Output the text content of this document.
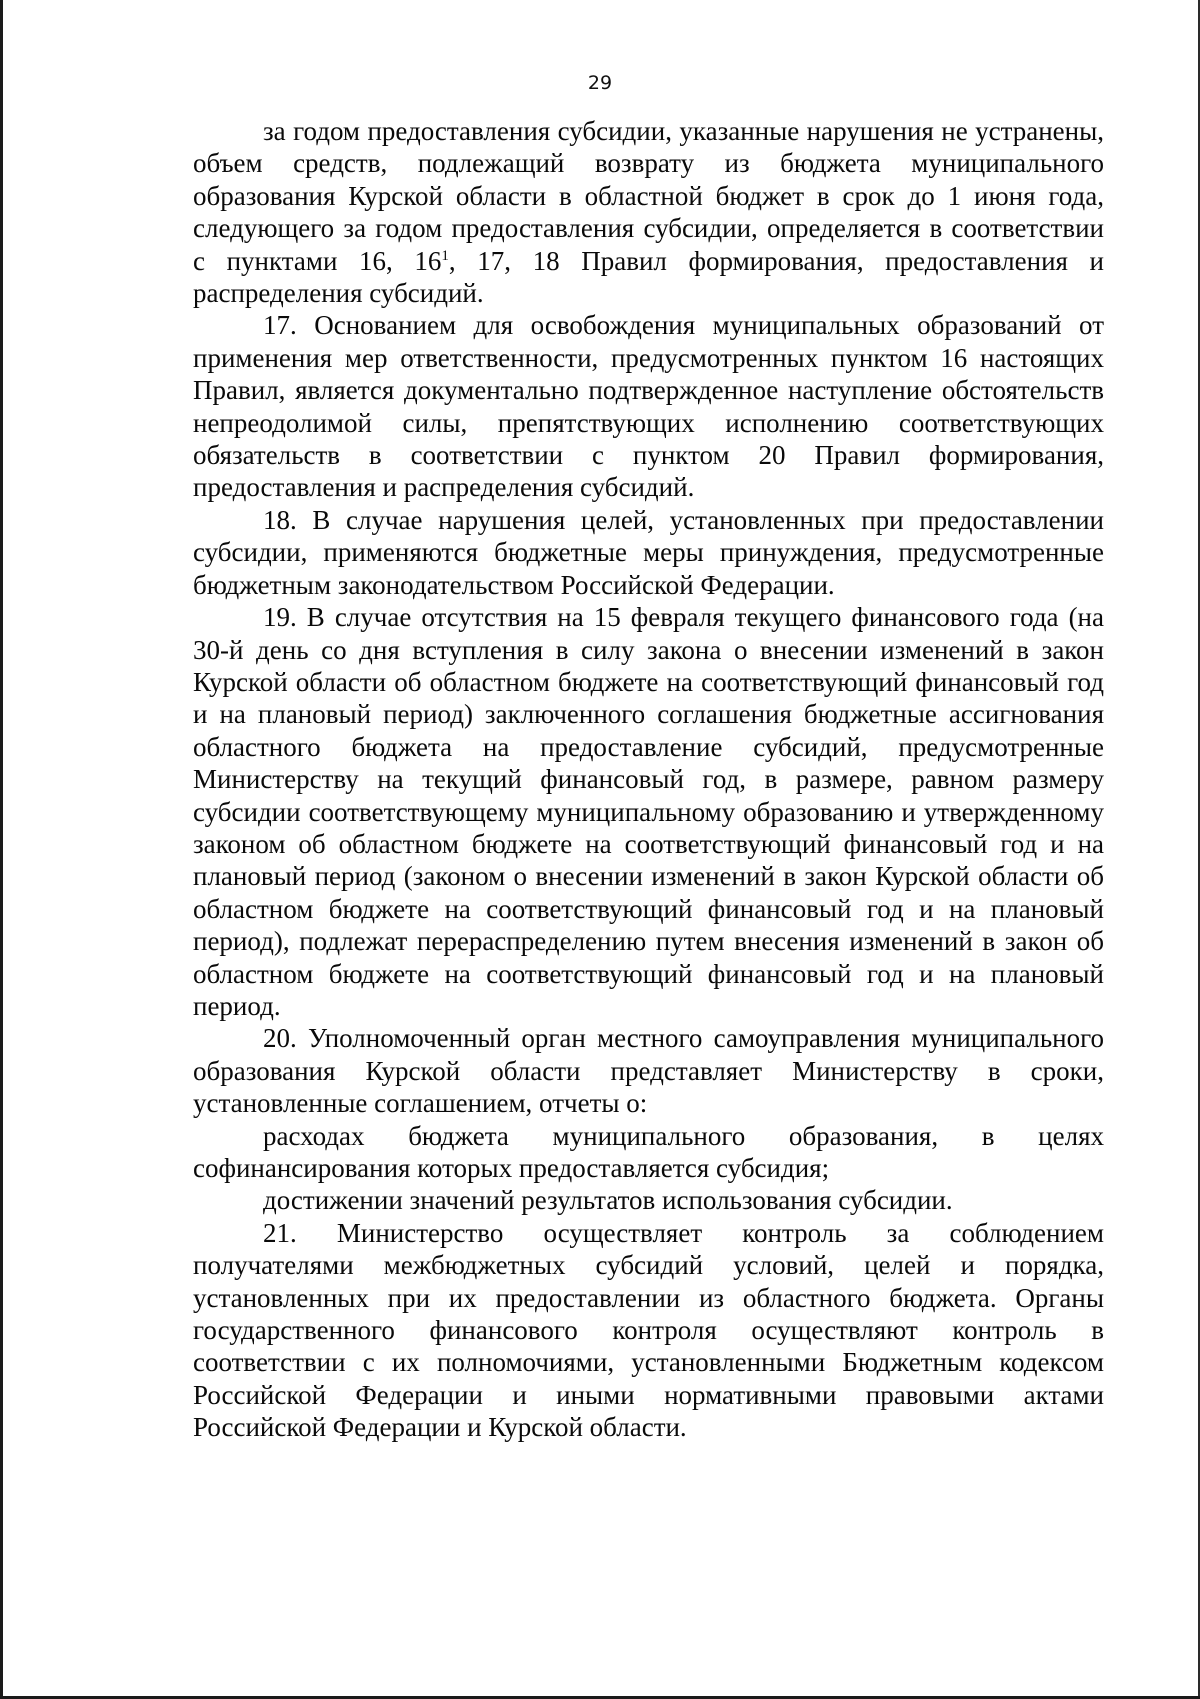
29

за годом предоставления субсидии, указанные нарушения не устранены, объем средств, подлежащий возврату из бюджета муниципального образования Курской области в областной бюджет в срок до 1 июня года, следующего за годом предоставления субсидии, определяется в соответствии с пунктами 16, $16^1$, 17, 18 Правил формирования, предоставления и распределения субсидий.

17. Основанием для освобождения муниципальных образований от применения мер ответственности, предусмотренных пунктом 16 настоящих Правил, является документально подтвержденное наступление обстоятельств непреодолимой силы, препятствующих исполнению соответствующих обязательств в соответствии с пунктом 20 Правил формирования, предоставления и распределения субсидий.

18. В случае нарушения целей, установленных при предоставлении субсидии, применяются бюджетные меры принуждения, предусмотренные бюджетным законодательством Российской Федерации.

19. В случае отсутствия на 15 февраля текущего финансового года (на 30-й день со дня вступления в силу закона о внесении изменений в закон Курской области об областном бюджете на соответствующий финансовый год и на плановый период) заключенного соглашения бюджетные ассигнования областного бюджета на предоставление субсидий, предусмотренные Министерству на текущий финансовый год, в размере, равном размеру субсидии соответствующему муниципальному образованию и утвержденному законом об областном бюджете на соответствующий финансовый год и на плановый период (законом о внесении изменений в закон Курской области об областном бюджете на соответствующий финансовый год и на плановый период), подлежат перераспределению путем внесения изменений в закон об областном бюджете на соответствующий финансовый год и на плановый период.

20. Уполномоченный орган местного самоуправления муниципального образования Курской области представляет Министерству в сроки, установленные соглашением, отчеты о:

расходах бюджета муниципального образования, в целях софинансирования которых предоставляется субсидия;

достижении значений результатов использования субсидии.

21. Министерство осуществляет контроль за соблюдением получателями межбюджетных субсидий условий, целей и порядка, установленных при их предоставлении из областного бюджета. Органы государственного финансового контроля осуществляют контроль в соответствии с их полномочиями, установленными Бюджетным кодексом Российской Федерации и иными нормативными правовыми актами Российской Федерации и Курской области.
